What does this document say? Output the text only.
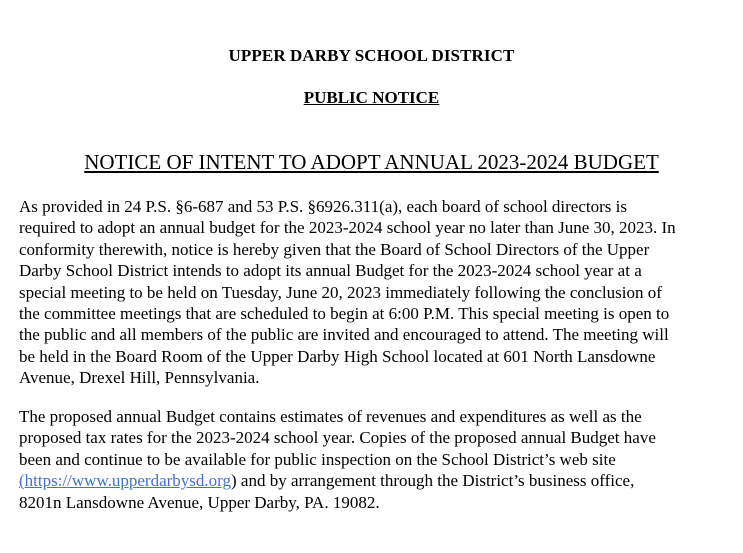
UPPER DARBY SCHOOL DISTRICT
PUBLIC NOTICE
NOTICE OF INTENT TO ADOPT ANNUAL 2023-2024 BUDGET

As provided in 24 P.S. §6-687 and 53 P.S. §6926.311(a), each board of school directors is
required to adopt an annual budget for the 2023-2024 school year no later than June 30, 2023. In
conformity therewith, notice is hereby given that the Board of School Directors of the Upper
Darby School District intends to adopt its annual Budget for the 2023-2024 school year at a
special meeting to be held on Tuesday, June 20, 2023 immediately following the conclusion of
the committee meetings that are scheduled to begin at 6:00 P.M. This special meeting is open to
the public and all members of the public are invited and encouraged to attend. The meeting will
be held in the Board Room of the Upper Darby High School located at 601 North Lansdowne
Avenue, Drexel Hill, Pennsylvania.

The proposed annual Budget contains estimates of revenues and expenditures as well as the
proposed tax rates for the 2023-2024 school year. Copies of the proposed annual Budget have
been and continue to be available for public inspection on the School District’s web site
(https://www.upperdarbysd.org) and by arrangement through the District’s business office,
8201n Lansdowne Avenue, Upper Darby, PA. 19082.
